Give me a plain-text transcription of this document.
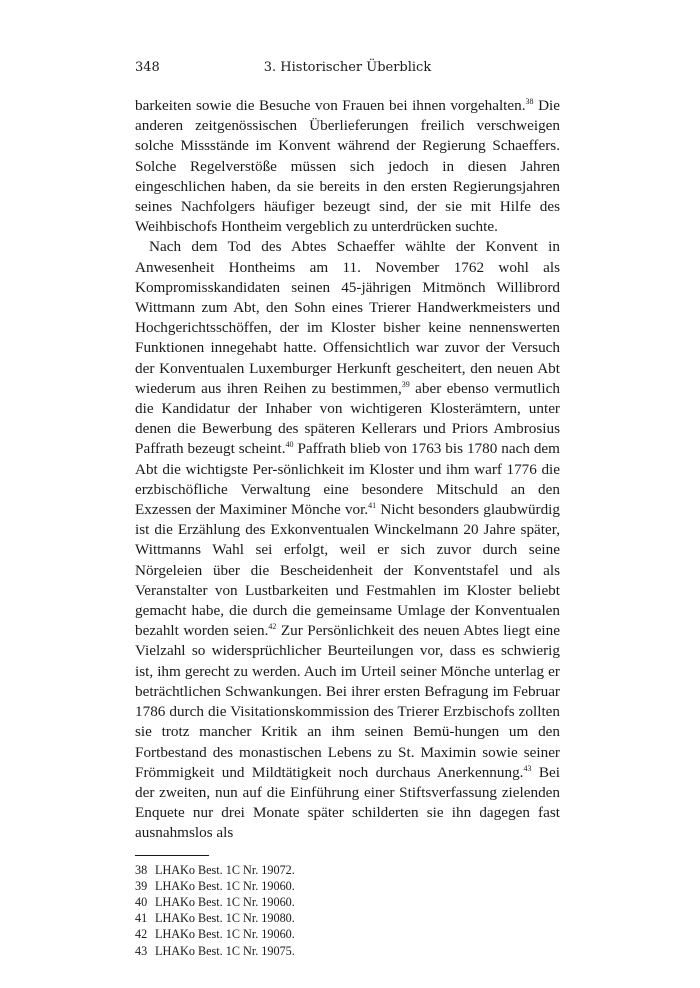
348	3. Historischer Überblick

barkeiten sowie die Besuche von Frauen bei ihnen vorgehalten.$^{38}$ Die anderen zeitgenössischen Überlieferungen freilich verschweigen solche Missstände im Konvent während der Regierung Schaeffers. Solche Regelverstöße müssen sich jedoch in diesen Jahren eingeschlichen haben, da sie bereits in den ersten Regierungsjahren seines Nachfolgers häufiger bezeugt sind, der sie mit Hilfe des Weihbischofs Hontheim vergeblich zu unterdrücken suchte.

Nach dem Tod des Abtes Schaeffer wählte der Konvent in Anwesenheit Hontheims am 11. November 1762 wohl als Kompromisskandidaten seinen 45-jährigen Mitmönch Willibrord Wittmann zum Abt, den Sohn eines Trierer Handwerkmeisters und Hochgerichtsschöffen, der im Kloster bisher keine nennenswerten Funktionen innegehabt hatte. Offensichtlich war zuvor der Versuch der Konventualen Luxemburger Herkunft gescheitert, den neuen Abt wiederum aus ihren Reihen zu bestimmen,$^{39}$ aber ebenso vermutlich die Kandidatur der Inhaber von wichtigeren Klosterämtern, unter denen die Bewerbung des späteren Kellerars und Priors Ambrosius Paffrath bezeugt scheint.$^{40}$ Paffrath blieb von 1763 bis 1780 nach dem Abt die wichtigste Per-sönlichkeit im Kloster und ihm warf 1776 die erzbischöfliche Verwaltung eine besondere Mitschuld an den Exzessen der Maximiner Mönche vor.$^{41}$ Nicht besonders glaubwürdig ist die Erzählung des Exkonventualen Winckelmann 20 Jahre später, Wittmanns Wahl sei erfolgt, weil er sich zuvor durch seine Nörgeleien über die Bescheidenheit der Konventstafel und als Veranstalter von Lustbarkeiten und Festmahlen im Kloster beliebt gemacht habe, die durch die gemeinsame Umlage der Konventualen bezahlt worden seien.$^{42}$ Zur Persönlichkeit des neuen Abtes liegt eine Vielzahl so widersprüchlicher Beurteilungen vor, dass es schwierig ist, ihm gerecht zu werden. Auch im Urteil seiner Mönche unterlag er beträchtlichen Schwankungen. Bei ihrer ersten Befragung im Februar 1786 durch die Visitationskommission des Trierer Erzbischofs zollten sie trotz mancher Kritik an ihm seinen Bemü-hungen um den Fortbestand des monastischen Lebens zu St. Maximin sowie seiner Frömmigkeit und Mildtätigkeit noch durchaus Anerkennung.$^{43}$ Bei der zweiten, nun auf die Einführung einer Stiftsverfassung zielenden Enquete nur drei Monate später schilderten sie ihn dagegen fast ausnahmslos als

38 LHAKo Best. 1C Nr. 19072.
39 LHAKo Best. 1C Nr. 19060.
40 LHAKo Best. 1C Nr. 19060.
41 LHAKo Best. 1C Nr. 19080.
42 LHAKo Best. 1C Nr. 19060.
43 LHAKo Best. 1C Nr. 19075.
